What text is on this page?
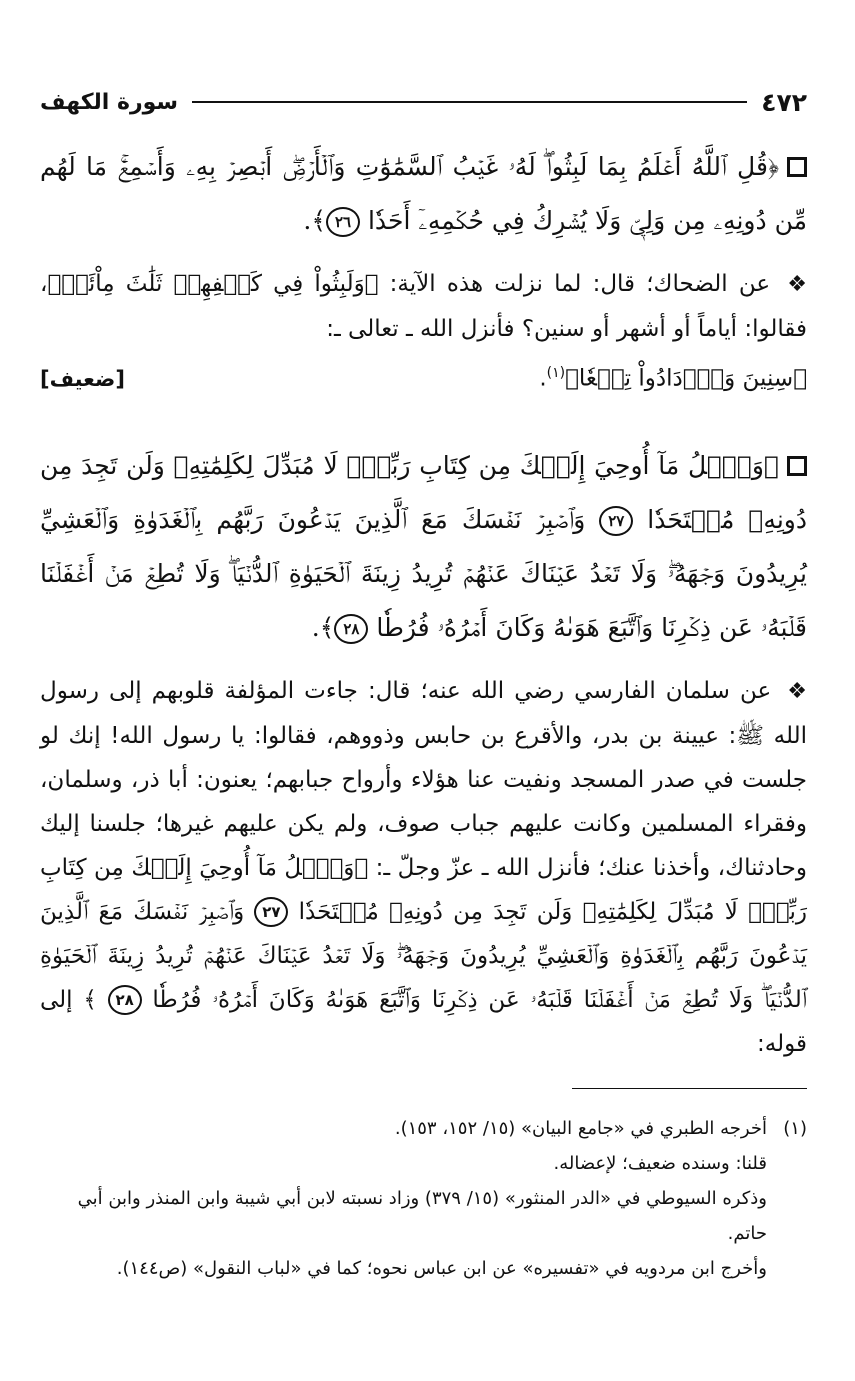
٤٧٢
سورة الكهف
﴿قُلِ ٱللَّهُ أَعۡلَمُ بِمَا لَبِثُواْۖ لَهُۥ غَيۡبُ ٱلسَّمَٰوَٰتِ وَٱلۡأَرۡضِۖ أَبۡصِرۡ بِهِۦ وَأَسۡمِعۡۚ مَا لَهُم مِّن دُونِهِۦ مِن وَلِيّٖ وَلَا يُشۡرِكُ فِي حُكۡمِهِۦٓ أَحَدٗا ٢٦﴾.
❖ عن الضحاك؛ قال: لما نزلت هذه الآية: ﴿وَلَبِثُواْ فِي كَهۡفِهِمۡ ثَلَٰثَ مِاْئَةٖ﴾، فقالوا: أياماً أو أشهر أو سنين؟ فأنزل الله ـ تعالى ـ:
﴿سِنِينَ وَٱزۡدَادُواْ تِسۡعٗا﴾$^{(١)}$.
[ضعيف]
﴿وَٱتۡلُ مَآ أُوحِيَ إِلَيۡكَ مِن كِتَابِ رَبِّكَۖ لَا مُبَدِّلَ لِكَلِمَٰتِهِۦ وَلَن تَجِدَ مِن دُونِهِۦ مُلۡتَحَدٗا ٢٧ وَٱصۡبِرۡ نَفۡسَكَ مَعَ ٱلَّذِينَ يَدۡعُونَ رَبَّهُم بِٱلۡغَدَوٰةِ وَٱلۡعَشِيِّ يُرِيدُونَ وَجۡهَهُۥۖ وَلَا تَعۡدُ عَيۡنَاكَ عَنۡهُمۡ تُرِيدُ زِينَةَ ٱلۡحَيَوٰةِ ٱلدُّنۡيَاۖ وَلَا تُطِعۡ مَنۡ أَغۡفَلۡنَا قَلۡبَهُۥ عَن ذِكۡرِنَا وَٱتَّبَعَ هَوَىٰهُ وَكَانَ أَمۡرُهُۥ فُرُطٗا ٢٨﴾.
❖ عن سلمان الفارسي رضي الله عنه؛ قال: جاءت المؤلفة قلوبهم إلى رسول الله ﷺ: عيينة بن بدر، والأقرع بن حابس وذووهم، فقالوا: يا رسول الله! إنك لو جلست في صدر المسجد ونفيت عنا هؤلاء وأرواح جبابهم؛ يعنون: أبا ذر، وسلمان، وفقراء المسلمين وكانت عليهم جباب صوف، ولم يكن عليهم غيرها؛ جلسنا إليك وحادثناك، وأخذنا عنك؛ فأنزل الله ـ عزّ وجلّ ـ: ﴿وَٱتۡلُ مَآ أُوحِيَ إِلَيۡكَ مِن كِتَابِ رَبِّكَۖ لَا مُبَدِّلَ لِكَلِمَٰتِهِۦ وَلَن تَجِدَ مِن دُونِهِۦ مُلۡتَحَدٗا ٢٧ وَٱصۡبِرۡ نَفۡسَكَ مَعَ ٱلَّذِينَ يَدۡعُونَ رَبَّهُم بِٱلۡغَدَوٰةِ وَٱلۡعَشِيِّ يُرِيدُونَ وَجۡهَهُۥۖ وَلَا تَعۡدُ عَيۡنَاكَ عَنۡهُمۡ تُرِيدُ زِينَةَ ٱلۡحَيَوٰةِ ٱلدُّنۡيَاۖ وَلَا تُطِعۡ مَنۡ أَغۡفَلۡنَا قَلۡبَهُۥ عَن ذِكۡرِنَا وَٱتَّبَعَ هَوَىٰهُ وَكَانَ أَمۡرُهُۥ فُرُطٗا ٢٨ ﴾ إلى قوله:
(١)
أخرجه الطبري في «جامع البيان» (١٥/ ١٥٢، ١٥٣).
قلنا: وسنده ضعيف؛ لإعضاله.
وذكره السيوطي في «الدر المنثور» (١٥/ ٣٧٩) وزاد نسبته لابن أبي شيبة وابن المنذر وابن أبي حاتم.
وأخرج ابن مردويه في «تفسيره» عن ابن عباس نحوه؛ كما في «لباب النقول» (ص١٤٤).
